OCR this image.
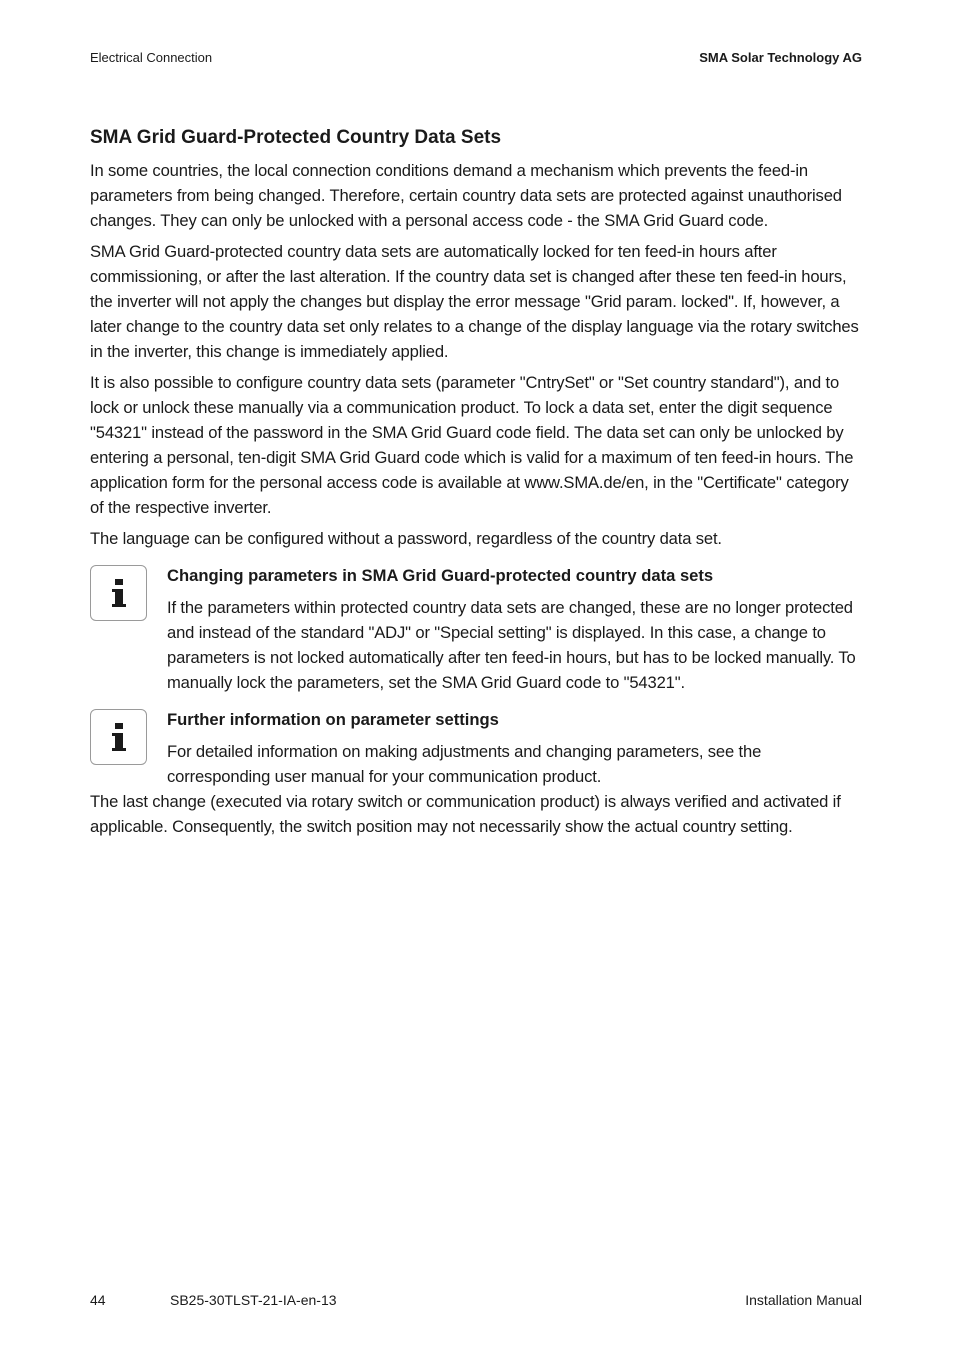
Electrical Connection	SMA Solar Technology AG
SMA Grid Guard-Protected Country Data Sets

In some countries, the local connection conditions demand a mechanism which prevents the feed-in parameters from being changed. Therefore, certain country data sets are protected against unauthorised changes. They can only be unlocked with a personal access code - the SMA Grid Guard code.

SMA Grid Guard-protected country data sets are automatically locked for ten feed-in hours after commissioning, or after the last alteration. If the country data set is changed after these ten feed-in hours, the inverter will not apply the changes but display the error message "Grid param. locked". If, however, a later change to the country data set only relates to a change of the display language via the rotary switches in the inverter, this change is immediately applied.

It is also possible to configure country data sets (parameter "CntrySet" or "Set country standard"), and to lock or unlock these manually via a communication product. To lock a data set, enter the digit sequence "54321" instead of the password in the SMA Grid Guard code field. The data set can only be unlocked by entering a personal, ten-digit SMA Grid Guard code which is valid for a maximum of ten feed-in hours. The application form for the personal access code is available at www.SMA.de/en, in the "Certificate" category of the respective inverter.

The language can be configured without a password, regardless of the country data set.

Changing parameters in SMA Grid Guard-protected country data sets

If the parameters within protected country data sets are changed, these are no longer protected and instead of the standard "ADJ" or "Special setting" is displayed. In this case, a change to parameters is not locked automatically after ten feed-in hours, but has to be locked manually. To manually lock the parameters, set the SMA Grid Guard code to "54321".

Further information on parameter settings

For detailed information on making adjustments and changing parameters, see the corresponding user manual for your communication product.

The last change (executed via rotary switch or communication product) is always verified and activated if applicable. Consequently, the switch position may not necessarily show the actual country setting.

44	SB25-30TLST-21-IA-en-13	Installation Manual
